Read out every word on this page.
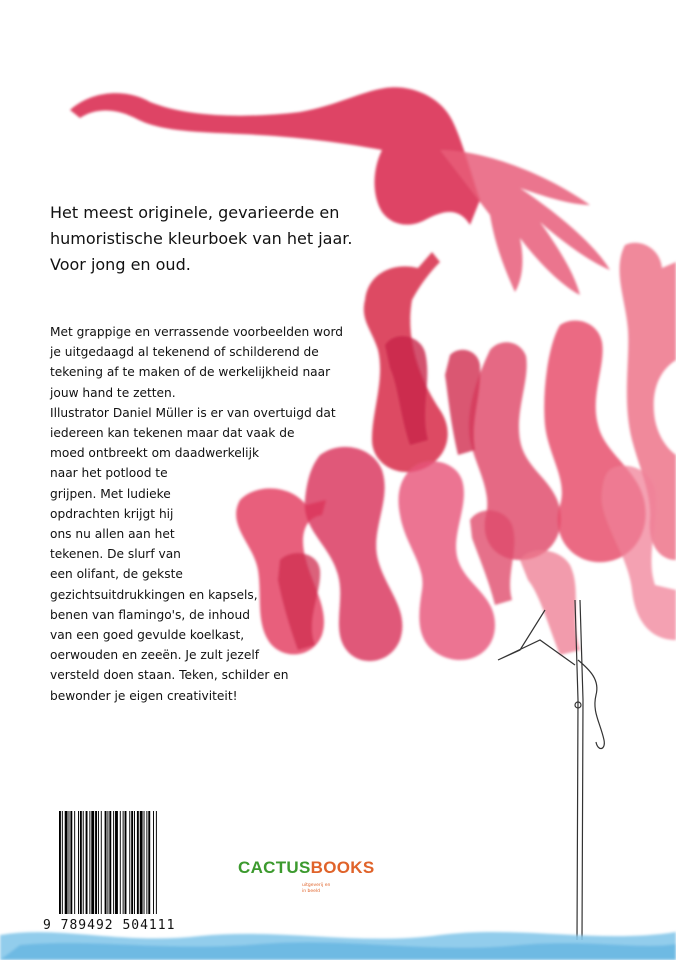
Het meest originele, gevarieerde en
humoristische kleurboek van het jaar.
Voor jong en oud.
Met grappige en verrassende voorbeelden word
je uitgedaagd al tekenend of schilderend de
tekening af te maken of de werkelijkheid naar
jouw hand te zetten.
Illustrator Daniel Müller is er van overtuigd dat
iedereen kan tekenen maar dat vaak de
moed ontbreekt om daadwerkelijk
naar het potlood te
grijpen. Met ludieke
opdrachten krijgt hij
ons nu allen aan het
tekenen. De slurf van
een olifant, de gekste
gezichtsuitdrukkingen en kapsels,
benen van flamingo's, de inhoud
van een goed gevulde koelkast,
oerwouden en zeeën. Je zult jezelf
versteld doen staan. Teken, schilder en
bewonder je eigen creativiteit!
9 789492 504111
CACTUSBOOKS
uitgeverij en
in beeld
